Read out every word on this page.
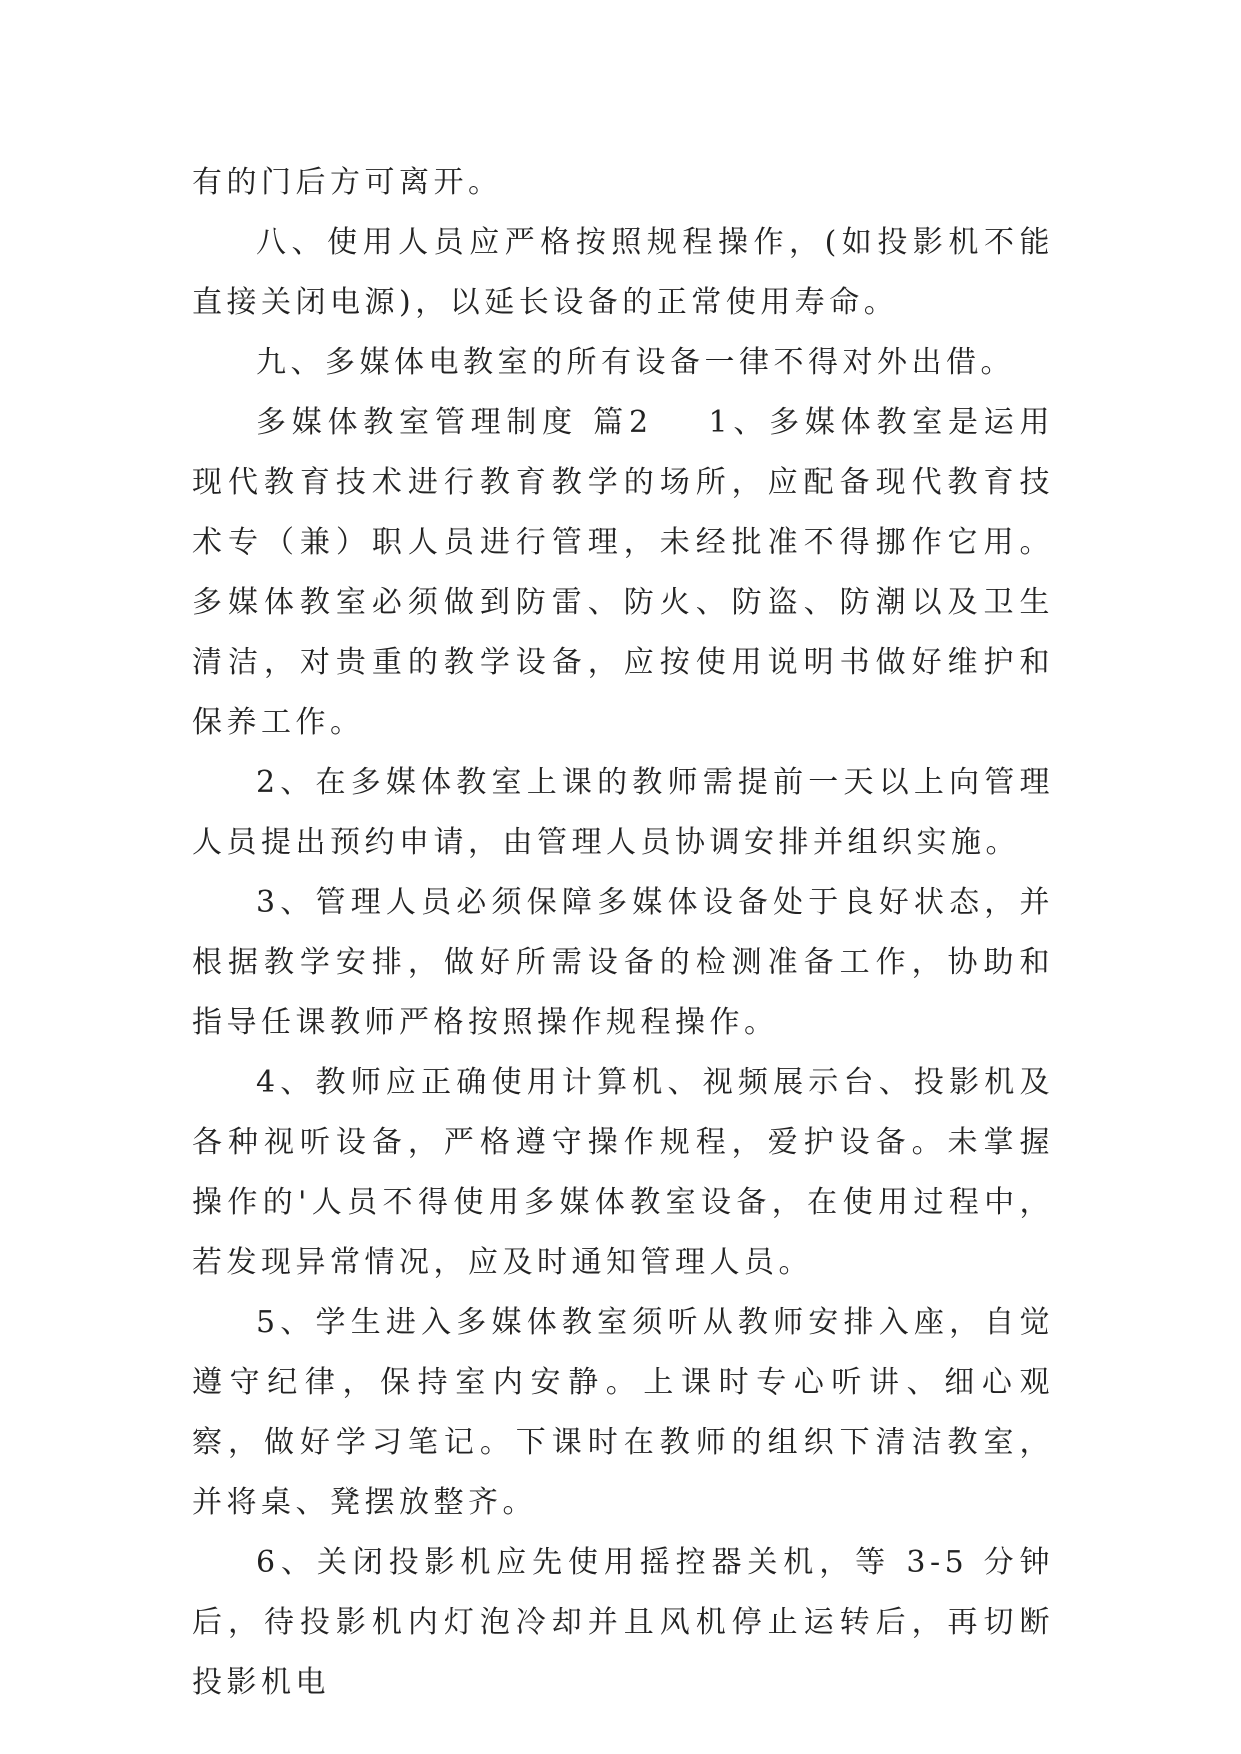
有的门后方可离开。

八、使用人员应严格按照规程操作，(如投影机不能直接关闭电源)，以延长设备的正常使用寿命。

九、多媒体电教室的所有设备一律不得对外出借。

多媒体教室管理制度 篇2 1、多媒体教室是运用现代教育技术进行教育教学的场所，应配备现代教育技术专（兼）职人员进行管理，未经批准不得挪作它用。多媒体教室必须做到防雷、防火、防盗、防潮以及卫生清洁，对贵重的教学设备，应按使用说明书做好维护和保养工作。

2、在多媒体教室上课的教师需提前一天以上向管理人员提出预约申请，由管理人员协调安排并组织实施。

3、管理人员必须保障多媒体设备处于良好状态，并根据教学安排，做好所需设备的检测准备工作，协助和指导任课教师严格按照操作规程操作。

4、教师应正确使用计算机、视频展示台、投影机及各种视听设备，严格遵守操作规程，爱护设备。未掌握操作的'人员不得使用多媒体教室设备，在使用过程中，若发现异常情况，应及时通知管理人员。

5、学生进入多媒体教室须听从教师安排入座，自觉遵守纪律，保持室内安静。上课时专心听讲、细心观察，做好学习笔记。下课时在教师的组织下清洁教室，并将桌、凳摆放整齐。

6、关闭投影机应先使用摇控器关机，等 3-5 分钟后，待投影机内灯泡冷却并且风机停止运转后，再切断投影机电
